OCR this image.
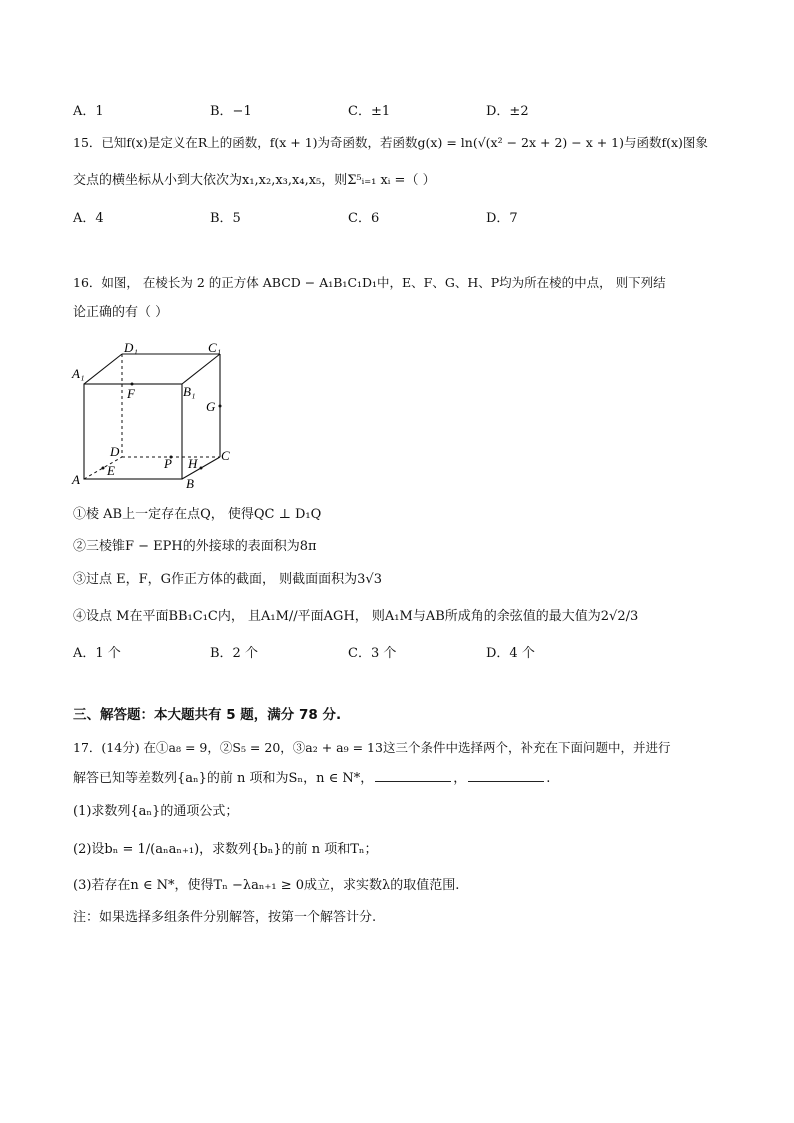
A．1	B．−1	C．±1	D．±2
15．已知f(x)是定义在R上的函数，f(x + 1)为奇函数，若函数g(x) = ln(√(x² − 2x + 2) − x + 1)与函数f(x)图象
交点的横坐标从小到大依次为x₁,x₂,x₃,x₄,x₅，则Σ⁵ᵢ₌₁ xᵢ =（ ）
A．4	B．5	C．6	D．7
16．如图， 在棱长为 2 的正方体 ABCD − A₁B₁C₁D₁中，E、F、G、H、P均为所在棱的中点， 则下列结
论正确的有（ ）
D₁	C₁
A₁
B₁
F
G
D	C
P H
A
E
B
①棱 AB上一定存在点Q， 使得QC ⊥ D₁Q
②三棱锥F − EPH的外接球的表面积为8π
③过点 E，F，G作正方体的截面， 则截面面积为3√3
④设点 M在平面BB₁C₁C内， 且A₁M//平面AGH， 则A₁M与AB所成角的余弦值的最大值为2√2/3
A．1 个	B．2 个	C．3 个	D．4 个
三、解答题：本大题共有 5 题，满分 78 分.
17．(14分) 在①a₈ = 9，②S₅ = 20，③a₂ + a₉ = 13这三个条件中选择两个，补充在下面问题中，并进行
解答已知等差数列{aₙ}的前 n 项和为Sₙ，n ∈ N*，	，	.
(1)求数列{aₙ}的通项公式；
(2)设bₙ = 1/(aₙaₙ₊₁)，求数列{bₙ}的前 n 项和Tₙ；
(3)若存在n ∈ N*，使得Tₙ −λaₙ₊₁ ≥ 0成立，求实数λ的取值范围.
注：如果选择多组条件分别解答，按第一个解答计分.
